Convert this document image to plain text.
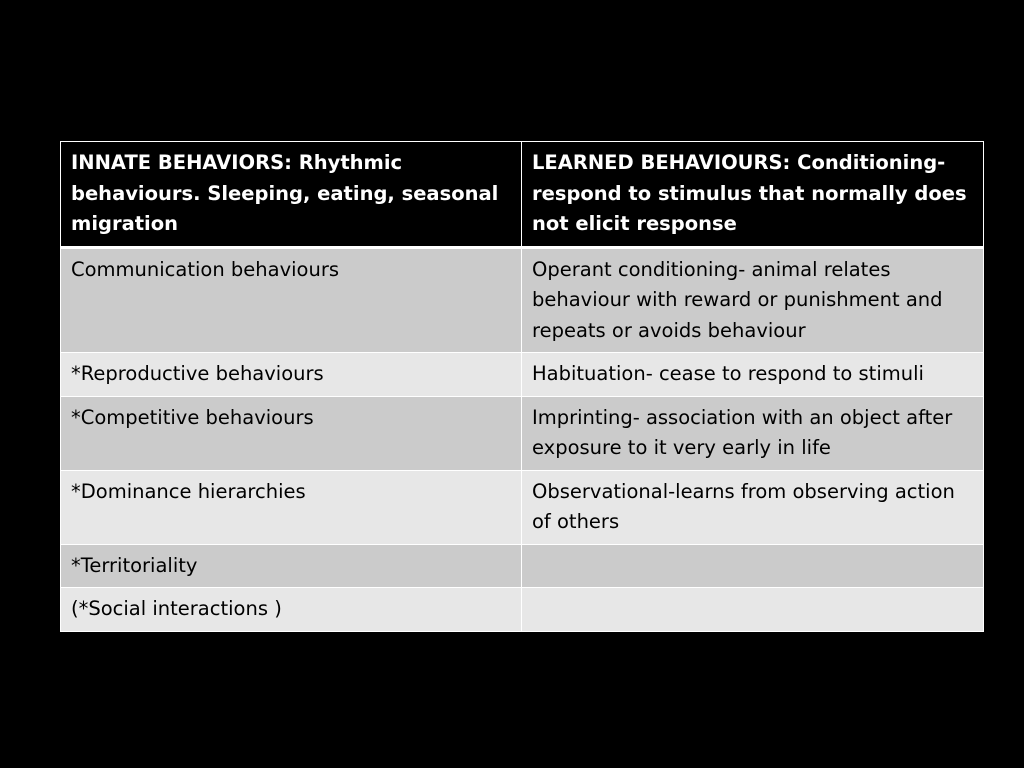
INNATE BEHAVIORS: Rhythmic behaviours. Sleeping, eating, seasonal migration	LEARNED BEHAVIOURS: Conditioning- respond to stimulus that normally does not elicit response
Communication behaviours	Operant conditioning- animal relates behaviour with reward or punishment and repeats or avoids behaviour
*Reproductive behaviours	Habituation- cease to respond to stimuli
*Competitive behaviours	Imprinting- association with an object after exposure to it very early in life
*Dominance hierarchies	Observational-learns from observing action of others
*Territoriality	
(*Social interactions )	
